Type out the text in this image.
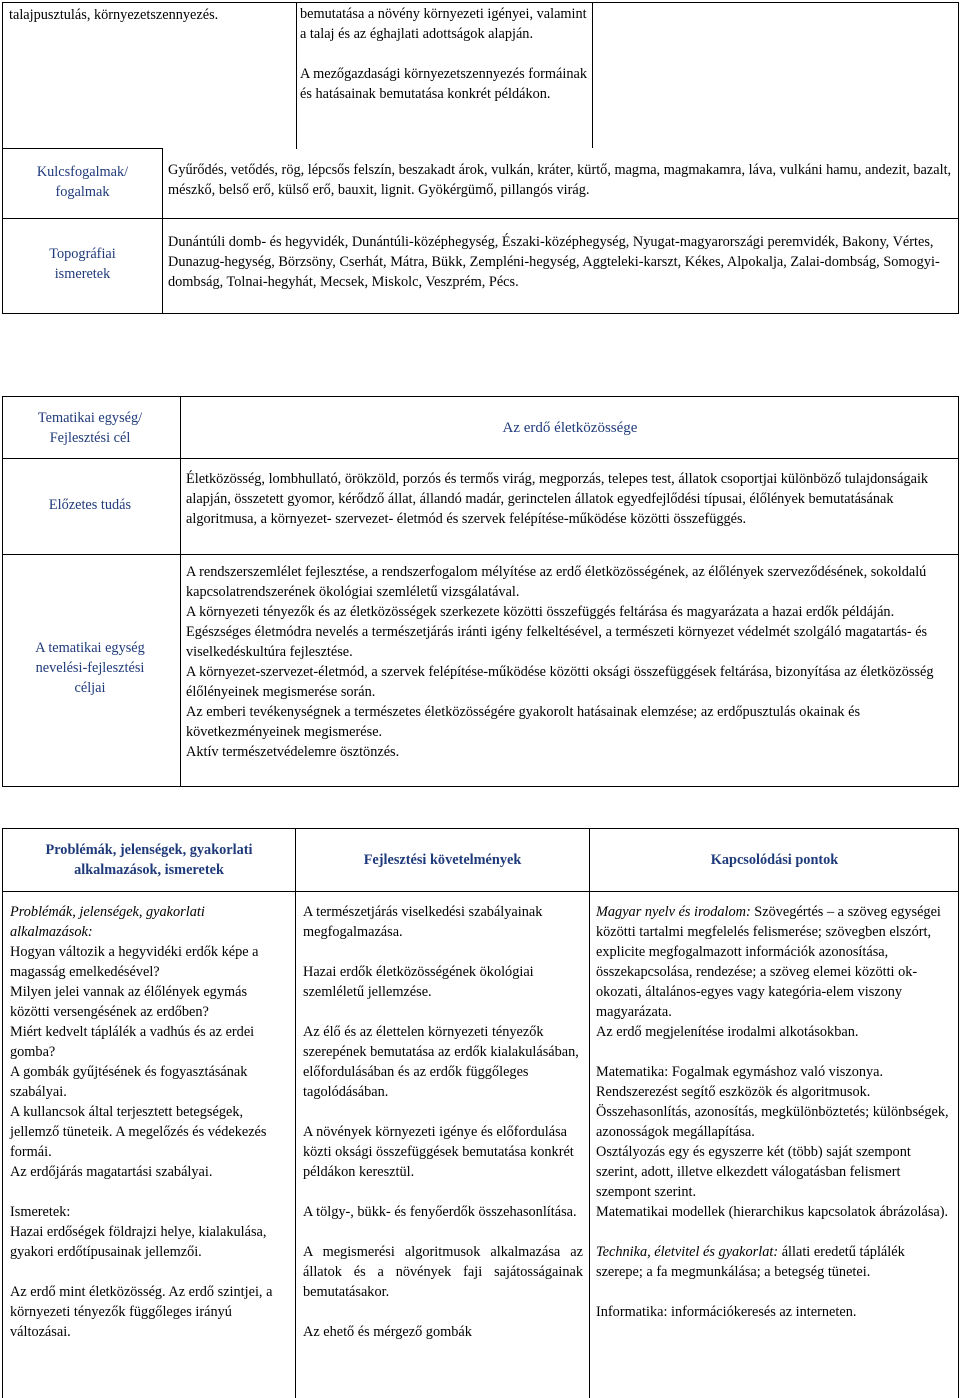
talajpusztulás, környezetszennyezés.	bemutatása a növény környezeti igényei, valamint a talaj és az éghajlati adottságok alapján.

A mezőgazdasági környezetszennyezés formáinak és hatásainak bemutatása konkrét példákon.

Kulcsfogalmak/ fogalmak
Gyűrődés, vetődés, rög, lépcsős felszín, beszakadt árok, vulkán, kráter, kürtő, magma, magmakamra, láva, vulkáni hamu, andezit, bazalt, mészkő, belső erő, külső erő, bauxit, lignit. Gyökérgümő, pillangós virág.
Topográfiai ismeretek
Dunántúli domb- és hegyvidék, Dunántúli-középhegység, Északi-középhegység, Nyugat-magyarországi peremvidék, Bakony, Vértes, Dunazug-hegység, Börzsöny, Cserhát, Mátra, Bükk, Zempléni-hegység, Aggteleki-karszt, Kékes, Alpokalja, Zalai-dombság, Somogyi-dombság, Tolnai-hegyhát, Mecsek, Miskolc, Veszprém, Pécs.
Tematikai egység/ Fejlesztési cél
Az erdő életközössége
Előzetes tudás
Életközösség, lombhullató, örökzöld, porzós és termős virág, megporzás, telepes test, állatok csoportjai különböző tulajdonságaik alapján, összetett gyomor, kérődző állat, állandó madár, gerinctelen állatok egyedfejlődési típusai, élőlények bemutatásának algoritmusa, a környezet- szervezet- életmód és szervek felépítése-működése közötti összefüggés.
A tematikai egység nevelési-fejlesztési céljai

A rendszerszemlélet fejlesztése, a rendszerfogalom mélyítése az erdő életközösségének, az élőlények szerveződésének, sokoldalú kapcsolatrendszerének ökológiai szemléletű vizsgálatával.

A környezeti tényezők és az életközösségek szerkezete közötti összefüggés feltárása és magyarázata a hazai erdők példáján.

Egészséges életmódra nevelés a természetjárás iránti igény felkeltésével, a természeti környezet védelmét szolgáló magatartás- és viselkedéskultúra fejlesztése.

A környezet-szervezet-életmód, a szervek felépítése-működése közötti oksági összefüggések feltárása, bizonyítása az életközösség élőlényeinek megismerése során.

Az emberi tevékenységnek a természetes életközösségére gyakorolt hatásainak elemzése; az erdőpusztulás okainak és következményeinek megismerése.

Aktív természetvédelemre ösztönzés.

Problémák, jelenségek, gyakorlati alkalmazások, ismeretek
Fejlesztési követelmények	Kapcsolódási pontok

Problémák, jelenségek, gyakorlati alkalmazások:

Hogyan változik a hegyvidéki erdők képe a magasság emelkedésével?

Milyen jelei vannak az élőlények egymás közötti versengésének az erdőben?

Miért kedvelt táplálék a vadhús és az erdei gomba?

A gombák gyűjtésének és fogyasztásának szabályai.

A kullancsok által terjesztett betegségek, jellemző tüneteik. A megelőzés és védekezés formái.

Az erdőjárás magatartási szabályai.

Ismeretek:

Hazai erdőségek földrajzi helye, kialakulása, gyakori erdőtípusainak jellemzői.

Az erdő mint életközösség. Az erdő szintjei, a környezeti tényezők függőleges irányú változásai.

A természetjárás viselkedési szabályainak megfogalmazása.

Hazai erdők életközösségének ökológiai szemléletű jellemzése.

Az élő és az élettelen környezeti tényezők szerepének bemutatása az erdők kialakulásában, előfordulásában és az erdők függőleges tagolódásában.

A növények környezeti igénye és előfordulása közti oksági összefüggések bemutatása konkrét példákon keresztül.

A tölgy-, bükk- és fenyőerdők összehasonlítása.

A megismerési algoritmusok alkalmazása az állatok és a növények faji sajátosságainak bemutatásakor.

Az ehető és mérgező gombák

Magyar nyelv és irodalom: Szövegértés – a szöveg egységei közötti tartalmi megfelelés felismerése; szövegben elszórt, explicite megfogalmazott információk azonosítása, összekapcsolása, rendezése; a szöveg elemei közötti ok-okozati, általános-egyes vagy kategória-elem viszony magyarázata.

Az erdő megjelenítése irodalmi alkotásokban.

Matematika: Fogalmak egymáshoz való viszonya.

Rendszerezést segítő eszközök és algoritmusok.

Összehasonlítás, azonosítás, megkülönböztetés; különbségek, azonosságok megállapítása.

Osztályozás egy és egyszerre két (több) saját szempont szerint, adott, illetve elkezdett válogatásban felismert szempont szerint.

Matematikai modellek (hierarchikus kapcsolatok ábrázolása).

Technika, életvitel és gyakorlat: állati eredetű táplálék szerepe; a fa megmunkálása; a betegség tünetei.

Informatika: információkeresés az interneten.
